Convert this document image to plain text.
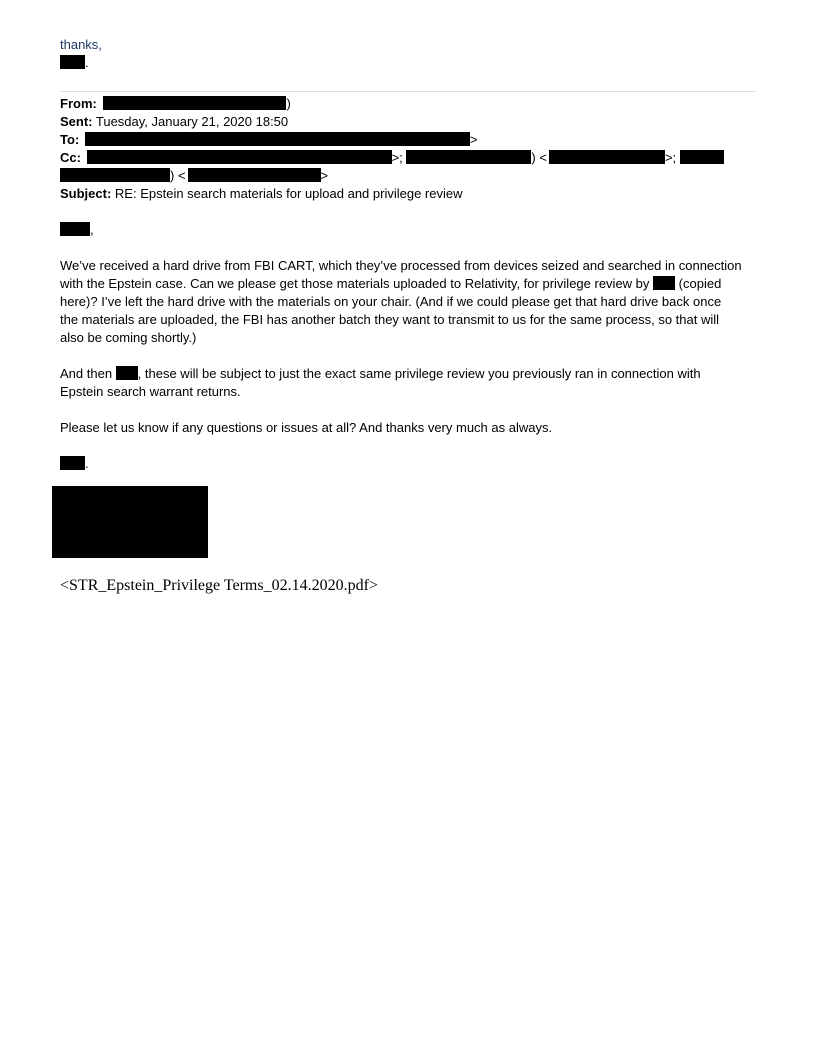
thanks,
.
From:	)
Sent: Tuesday, January 21, 2020 18:50
To:	>
Cc:	>;	) <	>;
) <	>
Subject: RE: Epstein search materials for upload and privilege review
,
We’ve received a hard drive from FBI CART, which they’ve processed from devices seized and searched in connection
with the Epstein case. Can we please get those materials uploaded to Relativity, for privilege review by (copied
here)? I’ve left the hard drive with the materials on your chair. (And if we could please get that hard drive back once
the materials are uploaded, the FBI has another batch they want to transmit to us for the same process, so that will
also be coming shortly.)
And then , these will be subject to just the exact same privilege review you previously ran in connection with
Epstein search warrant returns.
Please let us know if any questions or issues at all? And thanks very much as always.
.
<STR_Epstein_Privilege Terms_02.14.2020.pdf>
